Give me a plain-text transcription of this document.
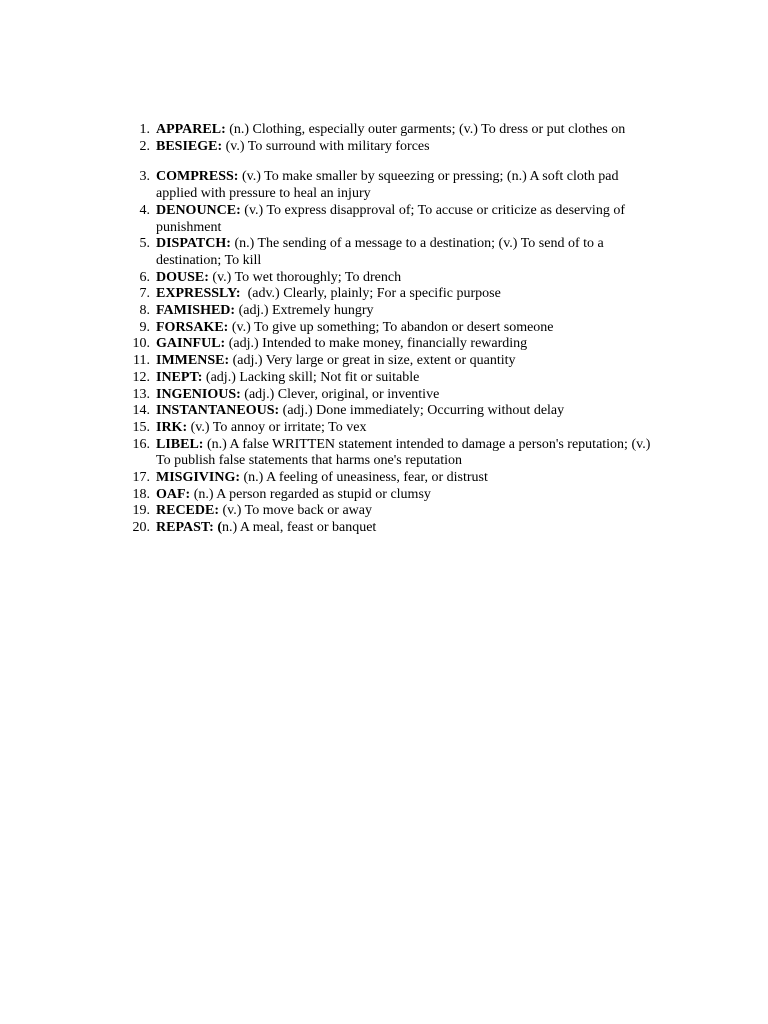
1. APPAREL: (n.) Clothing, especially outer garments; (v.) To dress or put clothes on
2. BESIEGE: (v.) To surround with military forces
3. COMPRESS: (v.) To make smaller by squeezing or pressing; (n.) A soft cloth pad applied with pressure to heal an injury
4. DENOUNCE: (v.) To express disapproval of; To accuse or criticize as deserving of punishment
5. DISPATCH: (n.) The sending of a message to a destination; (v.) To send of to a destination; To kill
6. DOUSE: (v.) To wet thoroughly; To drench
7. EXPRESSLY:  (adv.) Clearly, plainly; For a specific purpose
8. FAMISHED: (adj.) Extremely hungry
9. FORSAKE: (v.) To give up something; To abandon or desert someone
10. GAINFUL: (adj.) Intended to make money, financially rewarding
11. IMMENSE: (adj.) Very large or great in size, extent or quantity
12. INEPT: (adj.) Lacking skill; Not fit or suitable
13. INGENIOUS: (adj.) Clever, original, or inventive
14. INSTANTANEOUS: (adj.) Done immediately; Occurring without delay
15. IRK: (v.) To annoy or irritate; To vex
16. LIBEL: (n.) A false WRITTEN statement intended to damage a person's reputation; (v.) To publish false statements that harms one's reputation
17. MISGIVING: (n.) A feeling of uneasiness, fear, or distrust
18. OAF: (n.) A person regarded as stupid or clumsy
19. RECEDE: (v.) To move back or away
20. REPAST: (n.) A meal, feast or banquet
